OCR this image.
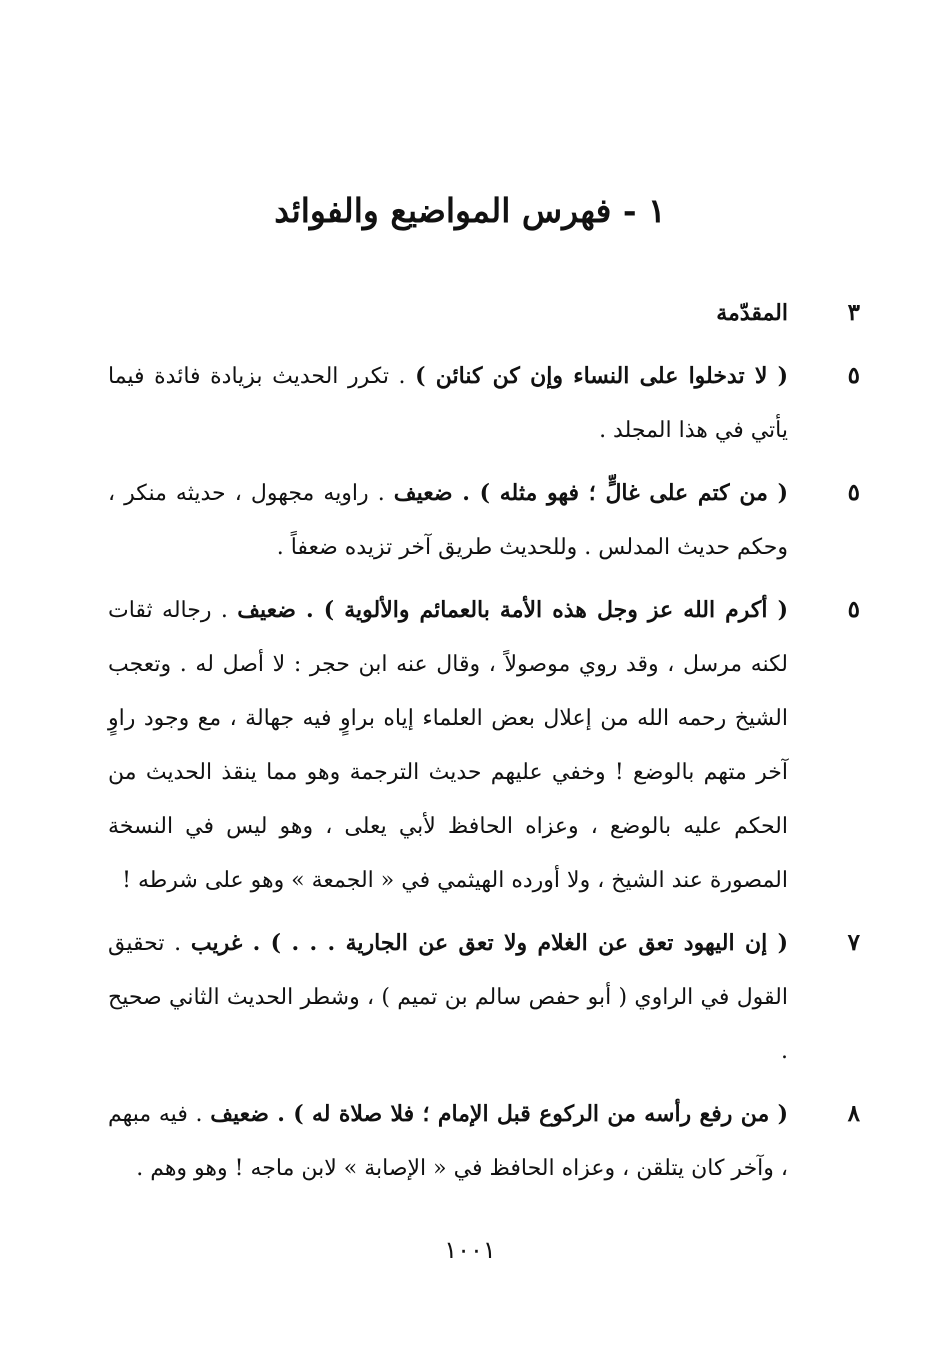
١ - فهرس المواضيع والفوائد
٣
المقدّمة
٥
( لا تدخلوا على النساء وإن كن كنائن ) . تكرر الحديث بزيادة فائدة فيما يأتي في هذا المجلد .
٥
( من كتم على غالٍّ ؛ فهو مثله ) . ضعيف . راويه مجهول ، حديثه منكر ، وحكم حديث المدلس . وللحديث طريق آخر تزيده ضعفاً .
٥
( أكرم الله عز وجل هذه الأمة بالعمائم والألوية ) . ضعيف . رجاله ثقات لكنه مرسل ، وقد روي موصولاً ، وقال عنه ابن حجر : لا أصل له . وتعجب الشيخ رحمه الله من إعلال بعض العلماء إياه براوٍ فيه جهالة ، مع وجود راوٍ آخر متهم بالوضع ! وخفي عليهم حديث الترجمة وهو مما ينقذ الحديث من الحكم عليه بالوضع ، وعزاه الحافظ لأبي يعلى ، وهو ليس في النسخة المصورة عند الشيخ ، ولا أورده الهيثمي في « الجمعة » وهو على شرطه !
٧
( إن اليهود تعق عن الغلام ولا تعق عن الجارية . . . ) . غريب . تحقيق القول في الراوي ( أبو حفص سالم بن تميم ) ، وشطر الحديث الثاني صحيح .
٨
( من رفع رأسه من الركوع قبل الإمام ؛ فلا صلاة له ) . ضعيف . فيه مبهم ، وآخر كان يتلقن ، وعزاه الحافظ في « الإصابة » لابن ماجه ! وهو وهم .
١٠٠١
